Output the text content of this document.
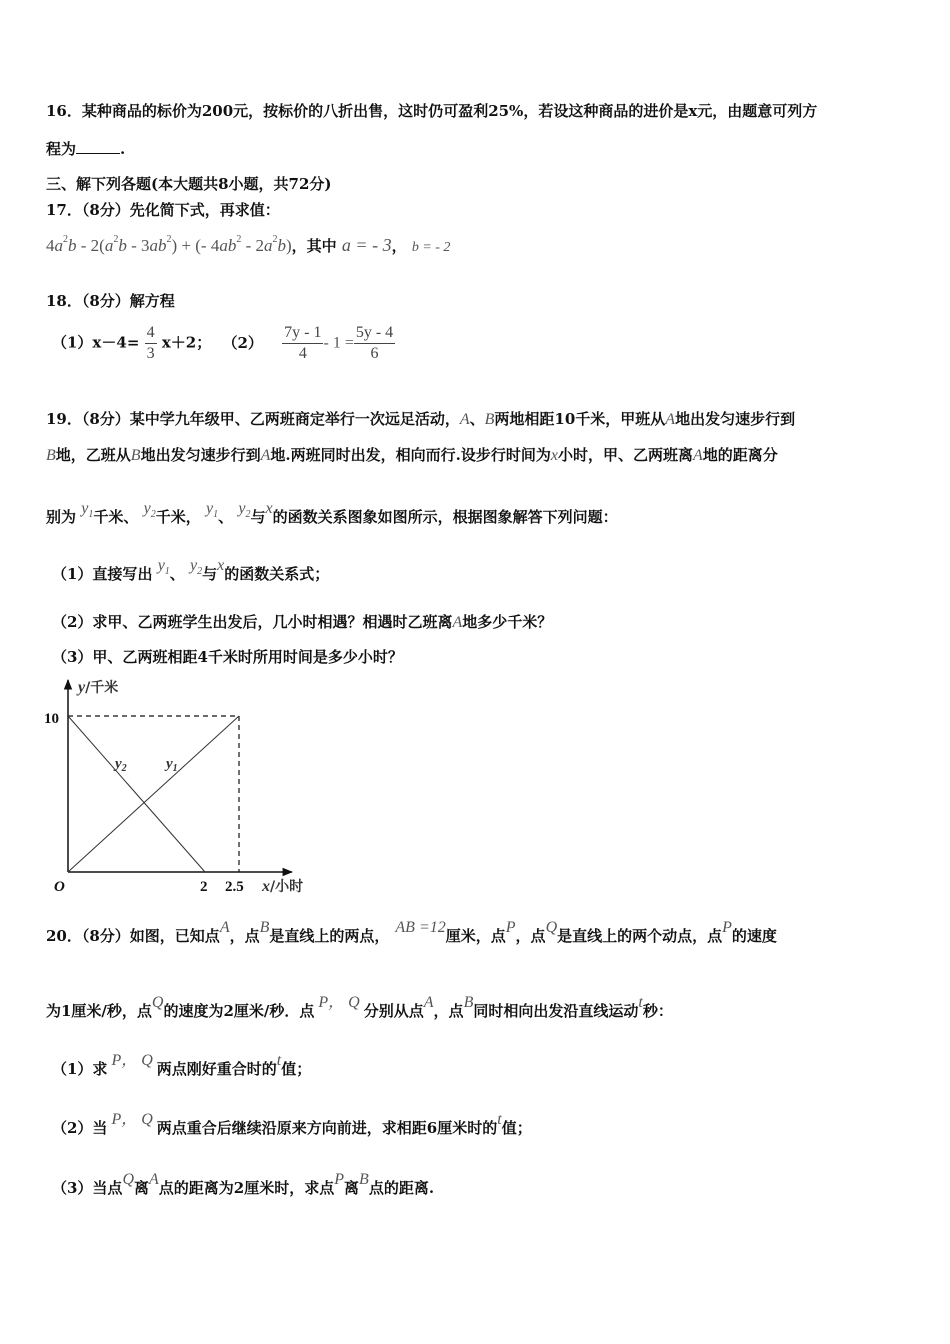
16．某种商品的标价为200元，按标价的八折出售，这时仍可盈利25%，若设这种商品的进价是x元，由题意可列方
程为	.
三、解下列各题(本大题共8小题，共72分)
17．（8分）先化简下式，再求值：
$4a^2b - 2(a^2b - 3ab^2)$ + (- $4ab^2 - 2a^2b$)，其中 a = - 3， b = - 2
18．（8分）解方程
$(1)x-4= \frac{4}{3} x+2$； $(2) \frac{7y - 1}{4} - 1 = \frac{5y - 4}{6}$
19．（8分）某中学九年级甲、乙两班商定举行一次远足活动，A、B两地相距10千米，甲班从A地出发匀速步行到
B地，乙班从B地出发匀速步行到A地.两班同时出发，相向而行.设步行时间为x小时，甲、乙两班离A地的距离分
别为 $y_1$千米、 $y_2$千米， $y_1$、 $y_2$与x的函数关系图象如图所示，根据图象解答下列问题：
（1）直接写出 $y_1$、 $y_2$与x的函数关系式；
（2）求甲、乙两班学生出发后，几小时相遇？相遇时乙班离A地多少千米？
（3）甲、乙两班相距4千米时所用时间是多少小时？
y/千米
10
O	2 2.5 x/小时
$y_2$	$y_1$
20．（8分）如图，已知点A，点B是直线上的两点， AB =12厘米，点P，点Q是直线上的两个动点，点P的速度
为1厘米/秒，点Q的速度为2厘米/秒．点 P， Q 分别从点A，点B同时相向出发沿直线运动t秒：
（1）求 P， Q 两点刚好重合时的t值；
（2）当 P， Q 两点重合后继续沿原来方向前进，求相距6厘米时的t值；
（3）当点Q离A点的距离为2厘米时，求点P离B点的距离.
